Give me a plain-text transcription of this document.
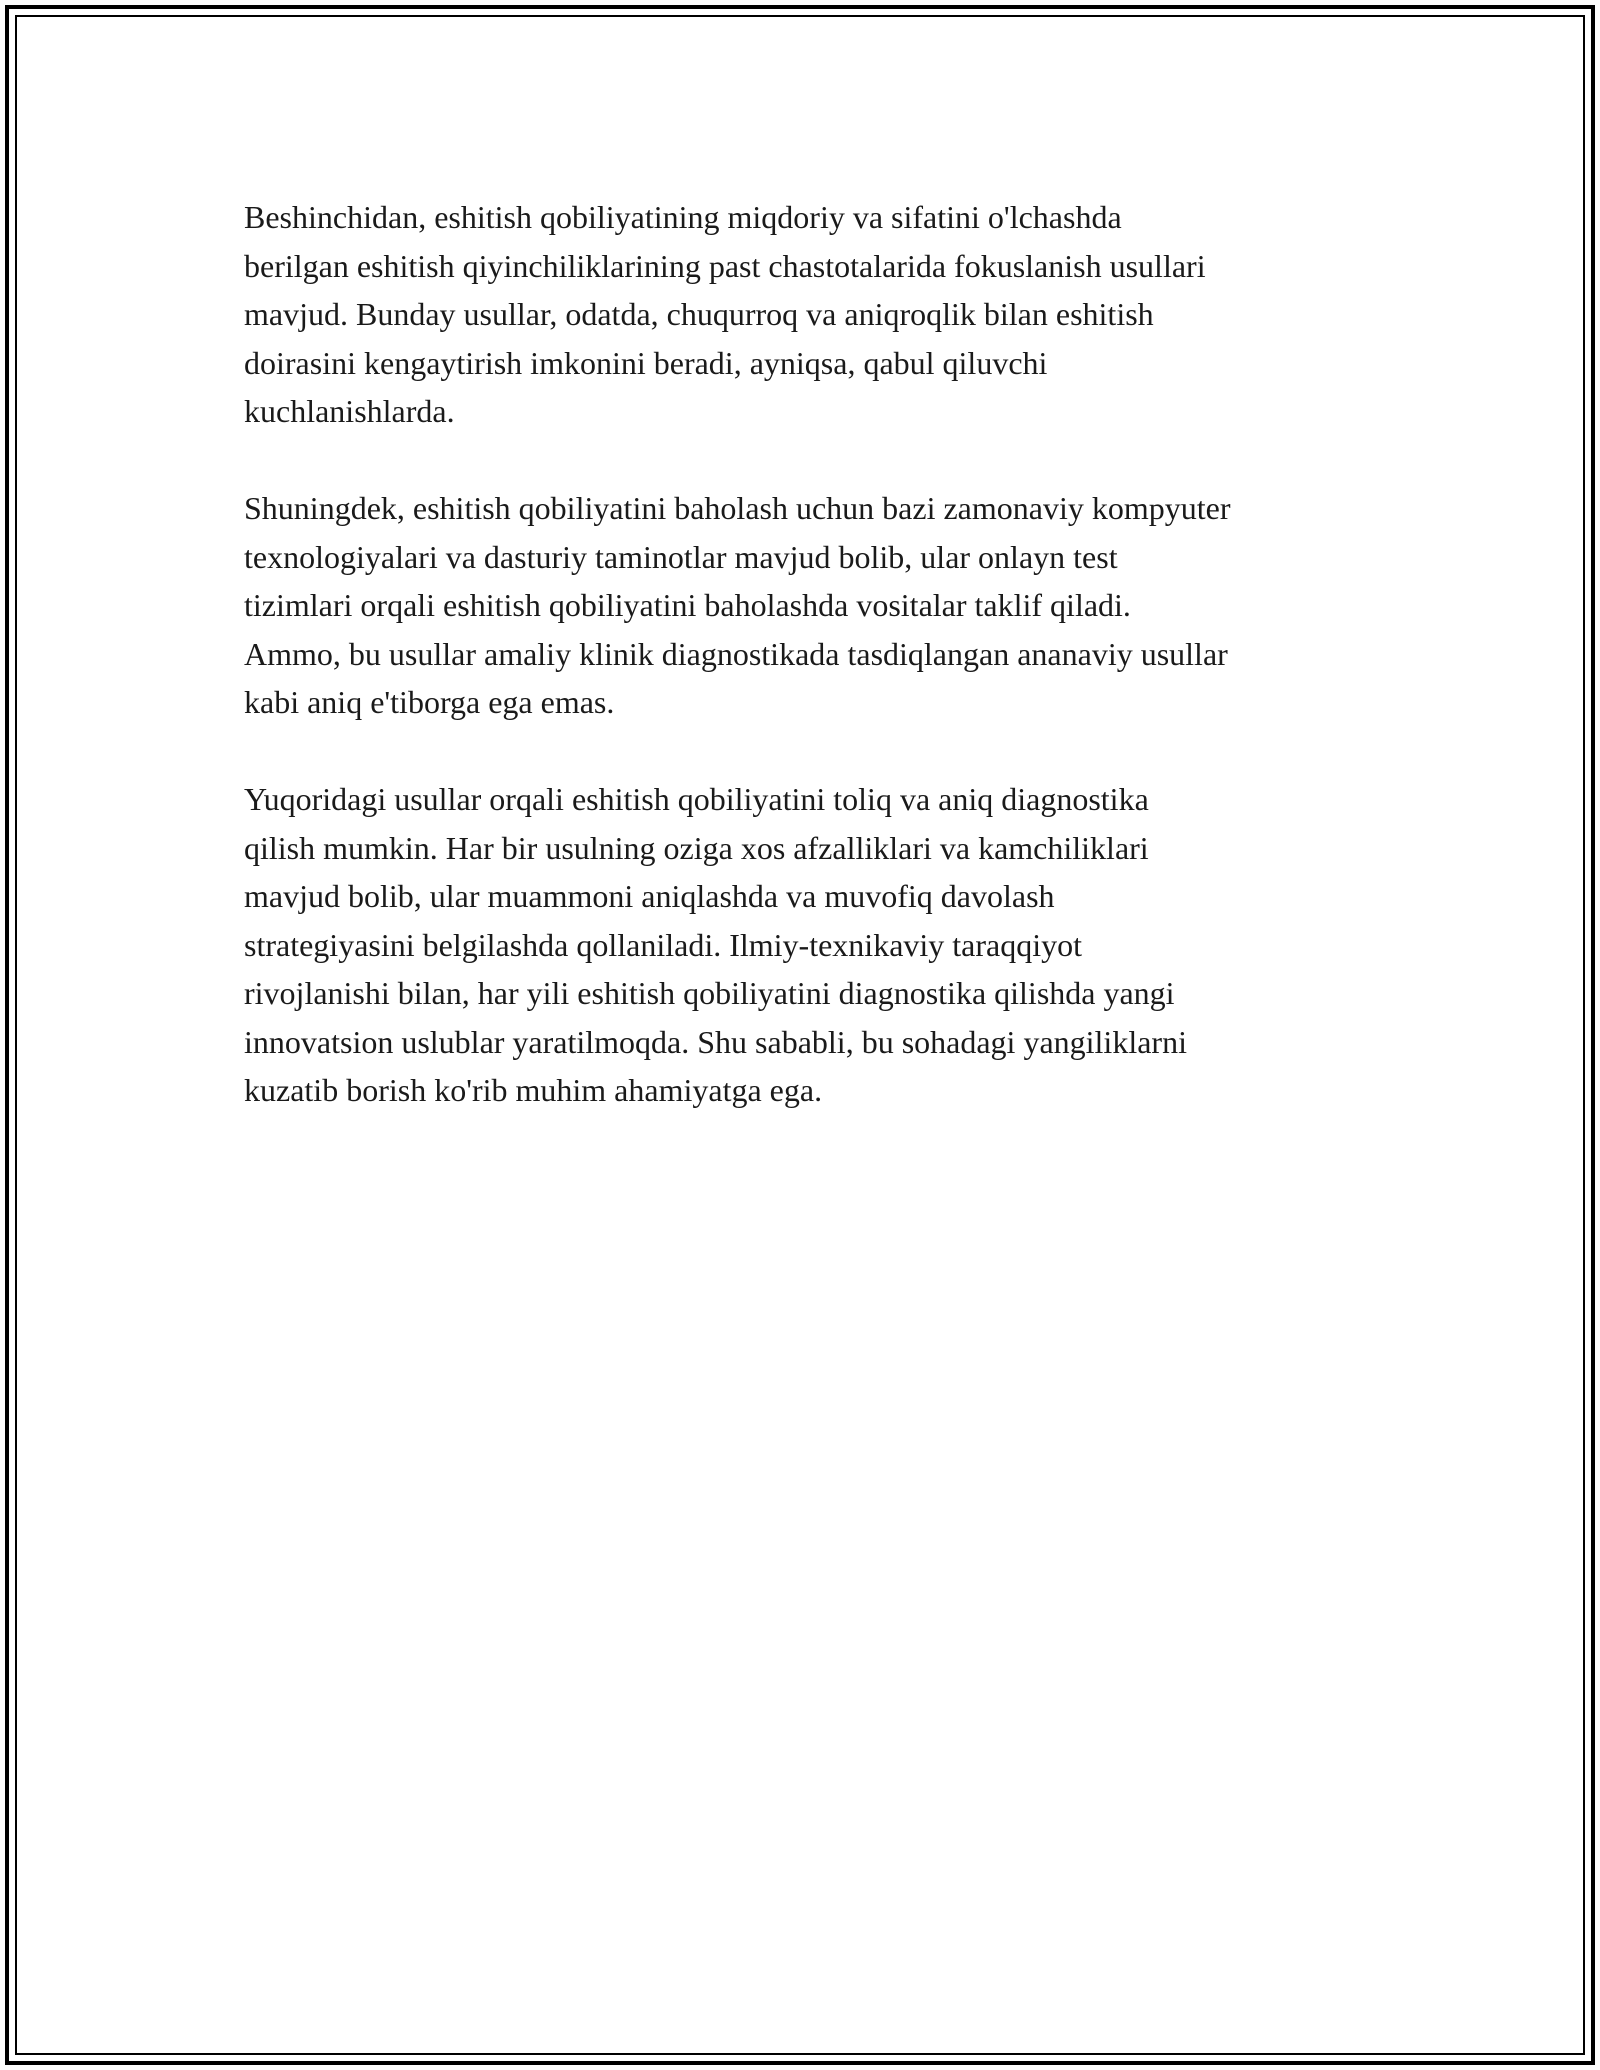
Beshinchidan, eshitish qobiliyatining miqdoriy va sifatini o'lchashda
berilgan eshitish qiyinchiliklarining past chastotalarida fokuslanish usullari
mavjud. Bunday usullar, odatda, chuqurroq va aniqroqlik bilan eshitish
doirasini kengaytirish imkonini beradi, ayniqsa, qabul qiluvchi
kuchlanishlarda.

Shuningdek, eshitish qobiliyatini baholash uchun bazi zamonaviy kompyuter
texnologiyalari va dasturiy taminotlar mavjud bolib, ular onlayn test
tizimlari orqali eshitish qobiliyatini baholashda vositalar taklif qiladi.
Ammo, bu usullar amaliy klinik diagnostikada tasdiqlangan ananaviy usullar
kabi aniq e'tiborga ega emas.

Yuqoridagi usullar orqali eshitish qobiliyatini toliq va aniq diagnostika
qilish mumkin. Har bir usulning oziga xos afzalliklari va kamchiliklari
mavjud bolib, ular muammoni aniqlashda va muvofiq davolash
strategiyasini belgilashda qollaniladi. Ilmiy-texnikaviy taraqqiyot
rivojlanishi bilan, har yili eshitish qobiliyatini diagnostika qilishda yangi
innovatsion uslublar yaratilmoqda. Shu sababli, bu sohadagi yangiliklarni
kuzatib borish ko'rib muhim ahamiyatga ega.
